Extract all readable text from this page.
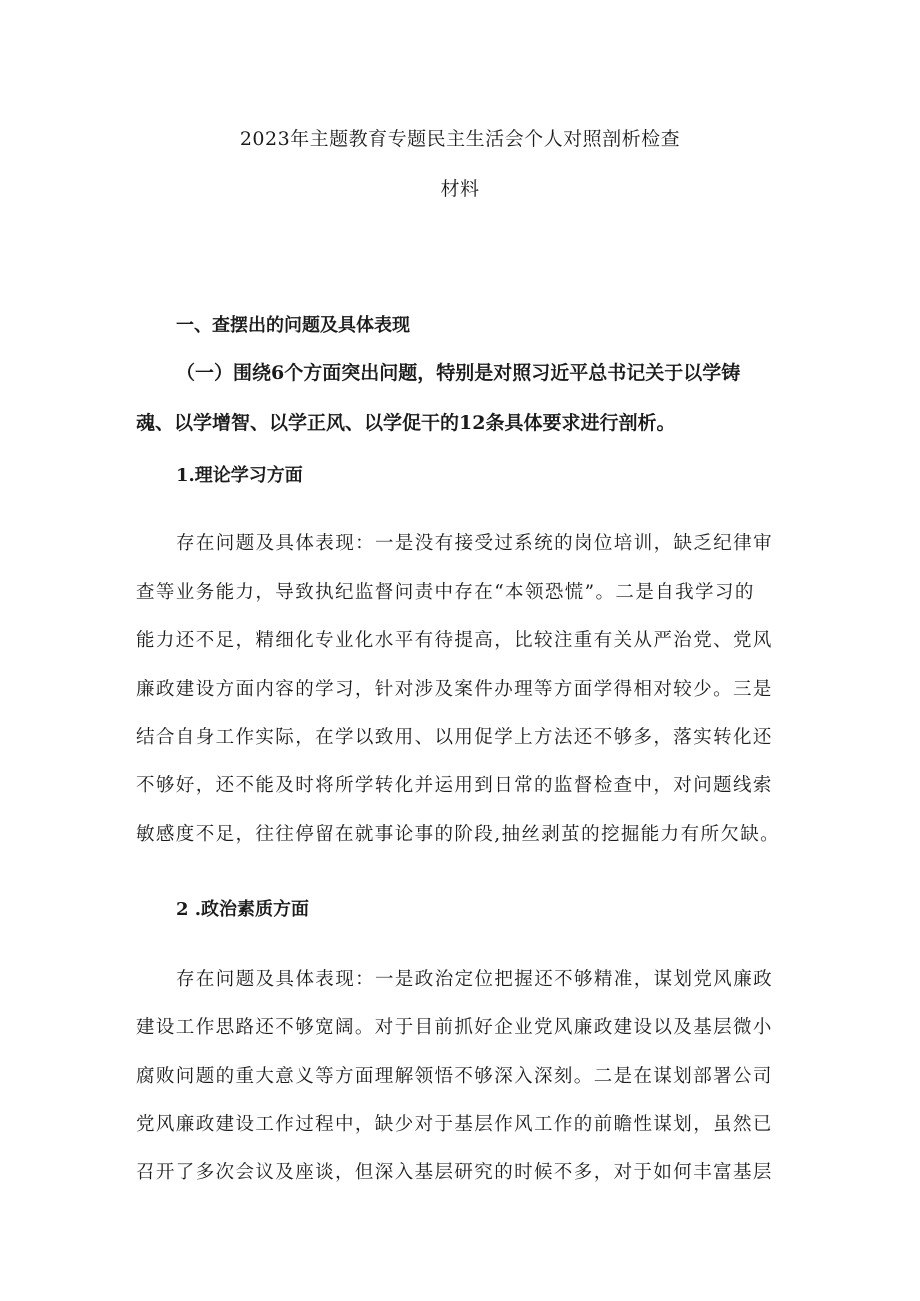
2023年主题教育专题民主生活会个人对照剖析检查
材料
一、查摆出的问题及具体表现
（一）围绕6个方面突出问题，特别是对照习近平总书记关于以学铸
魂、以学增智、以学正风、以学促干的12条具体要求进行剖析。
1.理论学习方面
存在问题及具体表现：一是没有接受过系统的岗位培训，缺乏纪律审
查等业务能力，导致执纪监督问责中存在“本领恐慌”。二是自我学习的
能力还不足，精细化专业化水平有待提高，比较注重有关从严治党、党风
廉政建设方面内容的学习，针对涉及案件办理等方面学得相对较少。三是
结合自身工作实际，在学以致用、以用促学上方法还不够多，落实转化还
不够好，还不能及时将所学转化并运用到日常的监督检查中，对问题线索
敏感度不足，往往停留在就事论事的阶段,抽丝剥茧的挖掘能力有所欠缺。
2 .政治素质方面
存在问题及具体表现：一是政治定位把握还不够精准，谋划党风廉政
建设工作思路还不够宽阔。对于目前抓好企业党风廉政建设以及基层微小
腐败问题的重大意义等方面理解领悟不够深入深刻。二是在谋划部署公司
党风廉政建设工作过程中，缺少对于基层作风工作的前瞻性谋划，虽然已
召开了多次会议及座谈，但深入基层研究的时候不多，对于如何丰富基层
